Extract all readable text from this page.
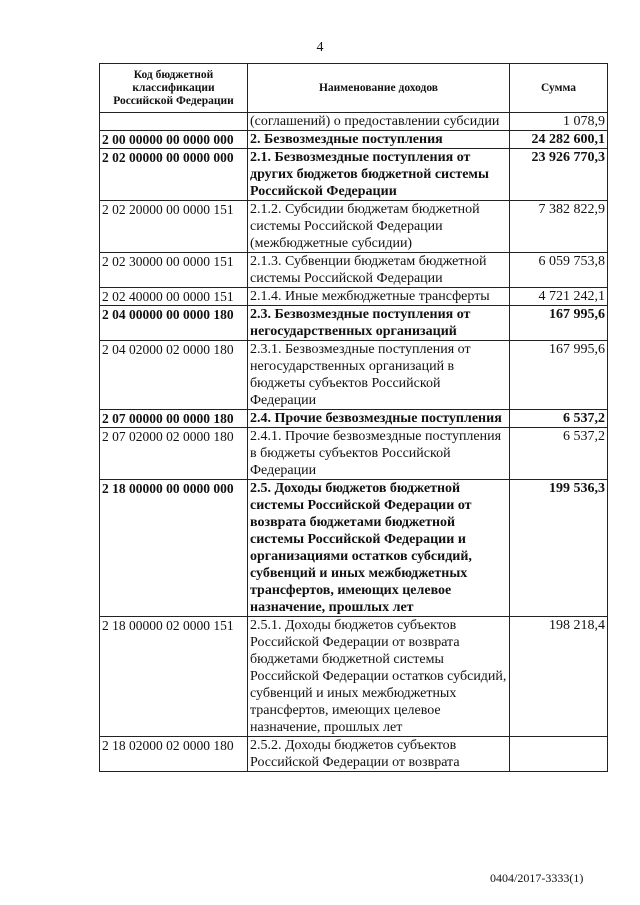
4
Код бюджетной классификации Российской Федерации	Наименование доходов	Сумма
	(соглашений) о предоставлении субсидии	1 078,9
2 00 00000 00 0000 000	2. Безвозмездные поступления	24 282 600,1
2 02 00000 00 0000 000	2.1. Безвозмездные поступления от других бюджетов бюджетной системы Российской Федерации	23 926 770,3
2 02 20000 00 0000 151	2.1.2. Субсидии бюджетам бюджетной системы Российской Федерации (межбюджетные субсидии)	7 382 822,9
2 02 30000 00 0000 151	2.1.3. Субвенции бюджетам бюджетной системы Российской Федерации	6 059 753,8
2 02 40000 00 0000 151	2.1.4. Иные межбюджетные трансферты	4 721 242,1
2 04 00000 00 0000 180	2.3. Безвозмездные поступления от негосударственных организаций	167 995,6
2 04 02000 02 0000 180	2.3.1. Безвозмездные поступления от негосударственных организаций в бюджеты субъектов Российской Федерации	167 995,6
2 07 00000 00 0000 180	2.4. Прочие безвозмездные поступления	6 537,2
2 07 02000 02 0000 180	2.4.1. Прочие безвозмездные поступления в бюджеты субъектов Российской Федерации	6 537,2
2 18 00000 00 0000 000	2.5. Доходы бюджетов бюджетной системы Российской Федерации от возврата бюджетами бюджетной системы Российской Федерации и организациями остатков субсидий, субвенций и иных межбюджетных трансфертов, имеющих целевое назначение, прошлых лет	199 536,3
2 18 00000 02 0000 151	2.5.1. Доходы бюджетов субъектов Российской Федерации от возврата бюджетами бюджетной системы Российской Федерации остатков субсидий, субвенций и иных межбюджетных трансфертов, имеющих целевое назначение, прошлых лет	198 218,4
2 18 02000 02 0000 180	2.5.2. Доходы бюджетов субъектов Российской Федерации от возврата	
0404/2017-3333(1)
